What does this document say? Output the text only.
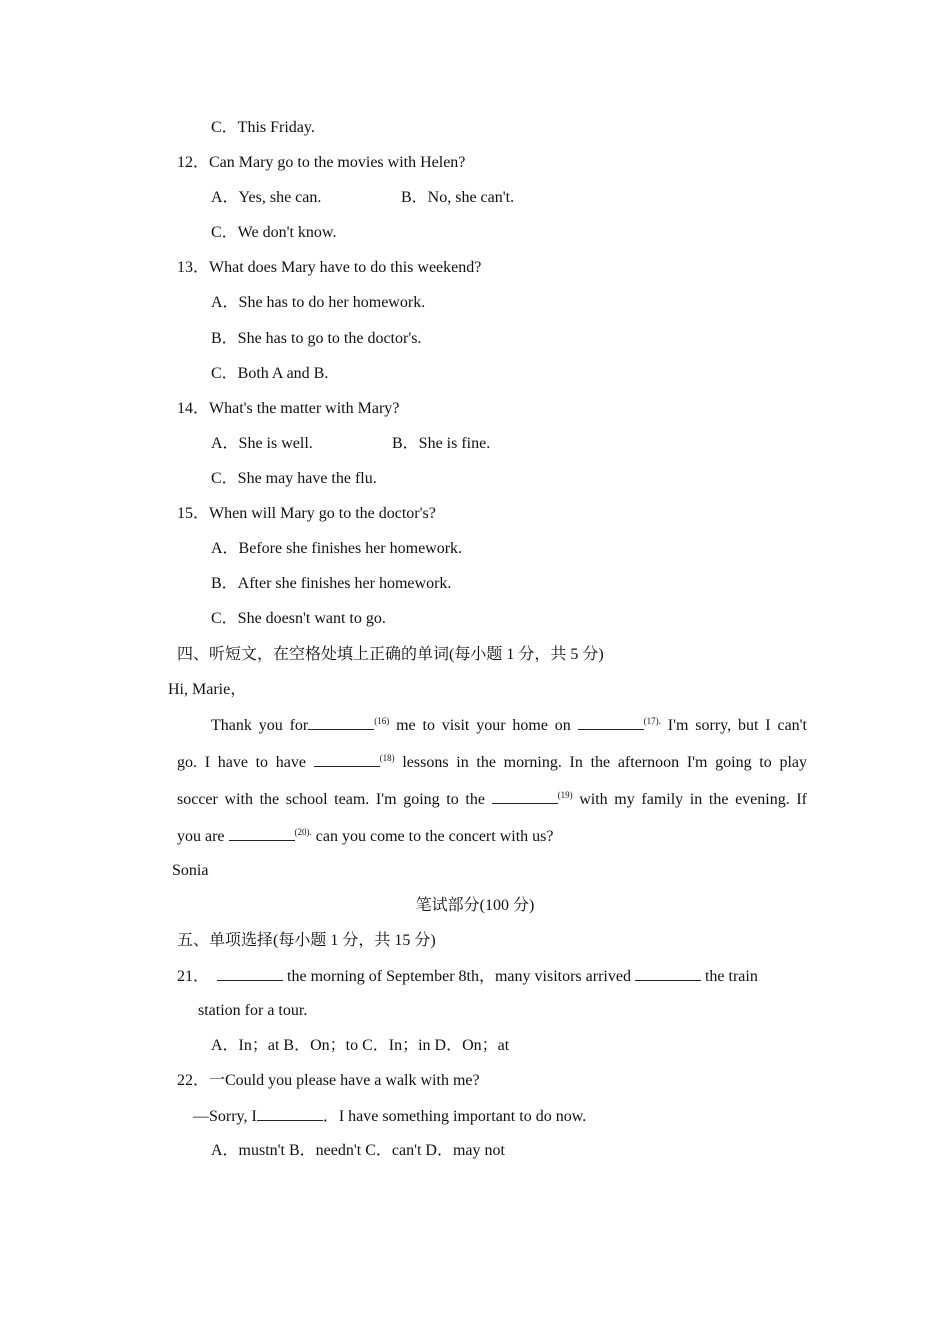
C．This Friday.
12．Can Mary go to the movies with Helen?
A．Yes, she can.	B．No, she can't.
C．We don't know.
13．What does Mary have to do this weekend?
A．She has to do her homework.
B．She has to go to the doctor's.
C．Both A and B.
14．What's the matter with Mary?
A．She is well.	B．She is fine.
C．She may have the flu.
15．When will Mary go to the doctor's?
A．Before she finishes her homework.
B．After she finishes her homework.
C．She doesn't want to go.
四、听短文，在空格处填上正确的单词(每小题 1 分，共 5 分)
Hi, Marie，
Thank you for	$^{(16)}$ me to visit your home on	$^{(17).}$ I'm sorry, but I can't
go. I have to have	$^{(18)}$ lessons in the morning. In the afternoon I'm going to play
soccer with the school team. I'm going to the	$^{(19)}$ with my family in the evening. If
you are	$^{(20).}$ can you come to the concert with us?
Sonia
笔试部分(100 分)
五、单项选择(每小题 1 分，共 15 分)
21．	the morning of September 8th，many visitors arrived	the train
station for a tour.
A．In；at B．On；to C．In；in D．On；at
22．一Could you please have a walk with me?
—Sorry, I	．I have something important to do now.
A．mustn't B．needn't C．can't D．may not
